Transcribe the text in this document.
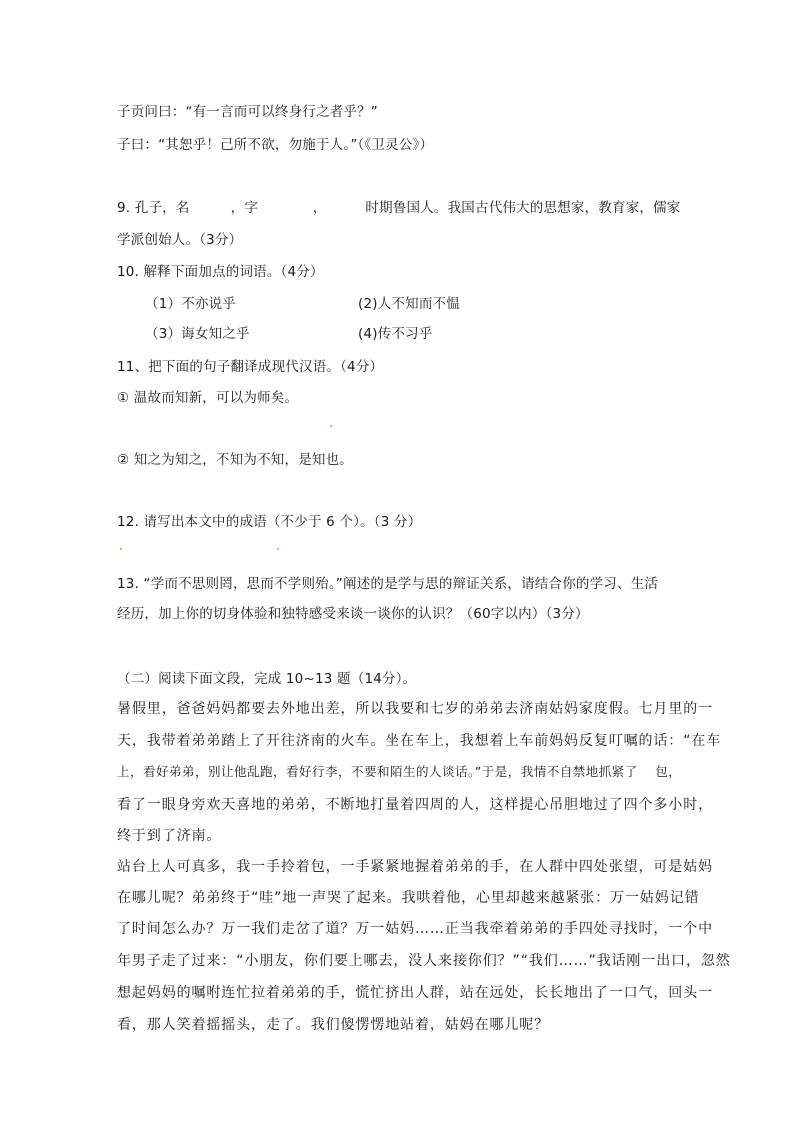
子贡问曰：“有一言而可以终身行之者乎？”
子曰：“其恕乎！己所不欲，勿施于人。”（《卫灵公》）
9. 孔子，名　　　，字　　　　，　　　 时期鲁国人。我国古代伟大的思想家，教育家，儒家
学派创始人。（3分）
10. 解释下面加点的词语。（4分）
（1）不亦说乎	(2)人不知而不愠
（3）诲女知之乎	(4)传不习乎
11、把下面的句子翻译成现代汉语。（4分）
① 温故而知新，可以为师矣。
② 知之为知之，不知为不知，是知也。
12. 请写出本文中的成语（不少于 6 个）。（3 分）
13. “学而不思则罔，思而不学则殆。”阐述的是学与思的辩证关系，请结合你的学习、生活
经历，加上你的切身体验和独特感受来谈一谈你的认识？（60字以内）（3分）
（二）阅读下面文段，完成 10~13 题（14分）。
暑假里，爸爸妈妈都要去外地出差，所以我要和七岁的弟弟去济南姑妈家度假。七月里的一
天，我带着弟弟踏上了开往济南的火车。坐在车上，我想着上车前妈妈反复叮嘱的话：“在车
上，看好弟弟，别让他乱跑，看好行李，不要和陌生的人谈话。”于是，我情不自禁地抓紧了　 包，
看了一眼身旁欢天喜地的弟弟，不断地打量着四周的人，这样提心吊胆地过了四个多小时，
终于到了济南。
站台上人可真多，我一手拎着包，一手紧紧地握着弟弟的手，在人群中四处张望，可是姑妈
在哪儿呢？弟弟终于“哇”地一声哭了起来。我哄着他，心里却越来越紧张：万一姑妈记错
了时间怎么办？万一我们走岔了道？万一姑妈……正当我牵着弟弟的手四处寻找时，一个中
年男子走了过来：“小朋友，你们要上哪去，没人来接你们？”“我们……”我话刚一出口，忽然
想起妈妈的嘱咐连忙拉着弟弟的手，慌忙挤出人群，站在远处，长长地出了一口气，回头一
看，那人笑着摇摇头，走了。我们傻愣愣地站着，姑妈在哪儿呢？
